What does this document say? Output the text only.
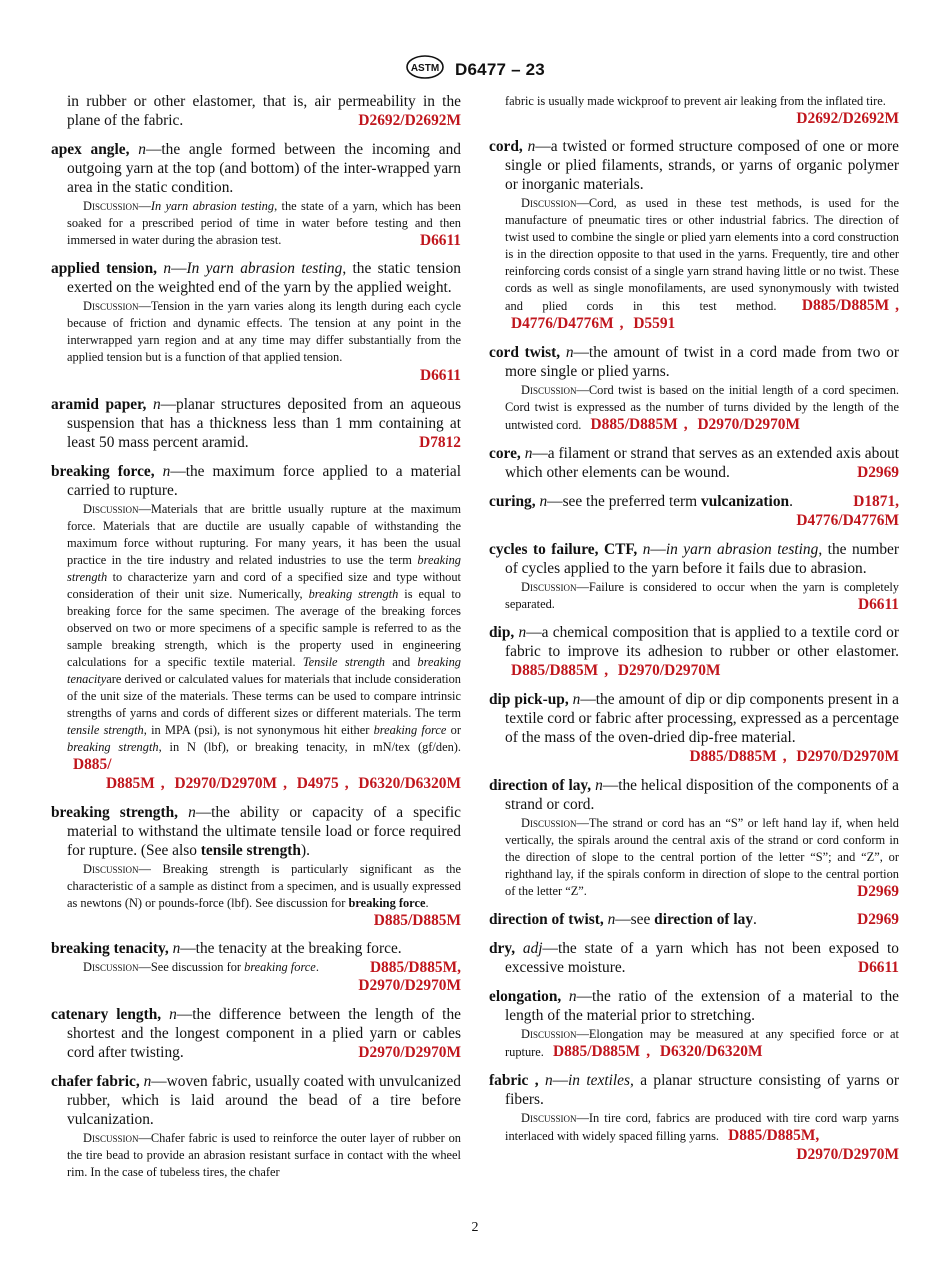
ASTM D6477 – 23

in rubber or other elastomer, that is, air permeability in the plane of the fabric.	D2692/D2692M

apex angle, n—the angle formed between the incoming and outgoing yarn at the top (and bottom) of the inter-wrapped yarn area in the static condition.

Discussion—In yarn abrasion testing, the state of a yarn, which has been soaked for a prescribed period of time in water before testing and then immersed in water during the abrasion test.	D6611

applied tension, n—In yarn abrasion testing, the static tension exerted on the weighted end of the yarn by the applied weight.

Discussion—Tension in the yarn varies along its length during each cycle because of friction and dynamic effects. The tension at any point in the interwrapped yarn region and at any time may differ substantially from the applied tension but is a function of that applied tension.

D6611

aramid paper, n—planar structures deposited from an aqueous suspension that has a thickness less than 1 mm containing at least 50 mass percent aramid.	D7812

breaking force, n—the maximum force applied to a material carried to rupture.

Discussion—Materials that are brittle usually rupture at the maximum force. Materials that are ductile are usually capable of withstanding the maximum force without rupturing. For many years, it has been the usual practice in the tire industry and related industries to use the term breaking strength to characterize yarn and cord of a specified size and type without consideration of their unit size. Numerically, breaking strength is equal to breaking force for the same specimen. The average of the breaking forces observed on two or more specimens of a specific sample is referred to as the sample breaking strength, which is the property used in engineering calculations for a specific textile material. Tensile strength and breaking tenacityare derived or calculated values for materials that include consideration of the unit size of the materials. These terms can be used to compare intrinsic strengths of yarns and cords of different sizes or different materials. The term tensile strength, in MPA (psi), is not synonymous hit either breaking force or breaking strength, in N (lbf), or breaking tenacity, in mN/tex (gf/den). D885/

D885M , D2970/D2970M , D4975 , D6320/D6320M

breaking strength, n—the ability or capacity of a specific material to withstand the ultimate tensile load or force required for rupture. (See also tensile strength).

Discussion— Breaking strength is particularly significant as the characteristic of a sample as distinct from a specimen, and is usually expressed as newtons (N) or pounds-force (lbf). See discussion for breaking force.
D885/D885M

breaking tenacity, n—the tenacity at the breaking force.

Discussion—See discussion for breaking force.	D885/D885M,

D2970/D2970M

catenary length, n—the difference between the length of the shortest and the longest component in a plied yarn or cables cord after twisting.	D2970/D2970M

chafer fabric, n—woven fabric, usually coated with unvulcanized rubber, which is laid around the bead of a tire before vulcanization.

Discussion—Chafer fabric is used to reinforce the outer layer of rubber on the tire bead to provide an abrasion resistant surface in contact with the wheel rim. In the case of tubeless tires, the chafer

fabric is usually made wickproof to prevent air leaking from the inflated tire.
D2692/D2692M

cord, n—a twisted or formed structure composed of one or more single or plied filaments, strands, or yarns of organic polymer or inorganic materials.

Discussion—Cord, as used in these test methods, is used for the manufacture of pneumatic tires or other industrial fabrics. The direction of twist used to combine the single or plied yarn elements into a cord construction is in the direction opposite to that used in the yarns. Frequently, tire and other reinforcing cords consist of a single yarn strand having little or no twist. These cords as well as single monofilaments, are used synonymously with twisted and plied cords in this test method. D885/D885M , D4776/D4776M , D5591

cord twist, n—the amount of twist in a cord made from two or more single or plied yarns.

Discussion—Cord twist is based on the initial length of a cord specimen. Cord twist is expressed as the number of turns divided by the length of the untwisted cord. D885/D885M , D2970/D2970M

core, n—a filament or strand that serves as an extended axis about which other elements can be wound.	D2969

curing, n—see the preferred term vulcanization.	D1871,

D4776/D4776M

cycles to failure, CTF, n—in yarn abrasion testing, the number of cycles applied to the yarn before it fails due to abrasion.

Discussion—Failure is considered to occur when the yarn is completely separated.	D6611

dip, n—a chemical composition that is applied to a textile cord or fabric to improve its adhesion to rubber or other elastomer. D885/D885M , D2970/D2970M

dip pick-up, n—the amount of dip or dip components present in a textile cord or fabric after processing, expressed as a percentage of the mass of the oven-dried dip-free material.

D885/D885M , D2970/D2970M

direction of lay, n—the helical disposition of the components of a strand or cord.

Discussion—The strand or cord has an “S” or left hand lay if, when held vertically, the spirals around the central axis of the strand or cord conform in the direction of slope to the central portion of the letter “S”; and “Z”, or righthand lay, if the spirals conform in direction of slope to the central portion of the letter “Z”.	D2969

direction of twist, n—see direction of lay.	D2969

dry, adj—the state of a yarn which has not been exposed to excessive moisture.	D6611

elongation, n—the ratio of the extension of a material to the length of the material prior to stretching.

Discussion—Elongation may be measured at any specified force or at rupture. D885/D885M , D6320/D6320M

fabric , n—in textiles, a planar structure consisting of yarns or fibers.

Discussion—In tire cord, fabrics are produced with tire cord warp yarns interlaced with widely spaced filling yarns. D885/D885M,

D2970/D2970M

2
